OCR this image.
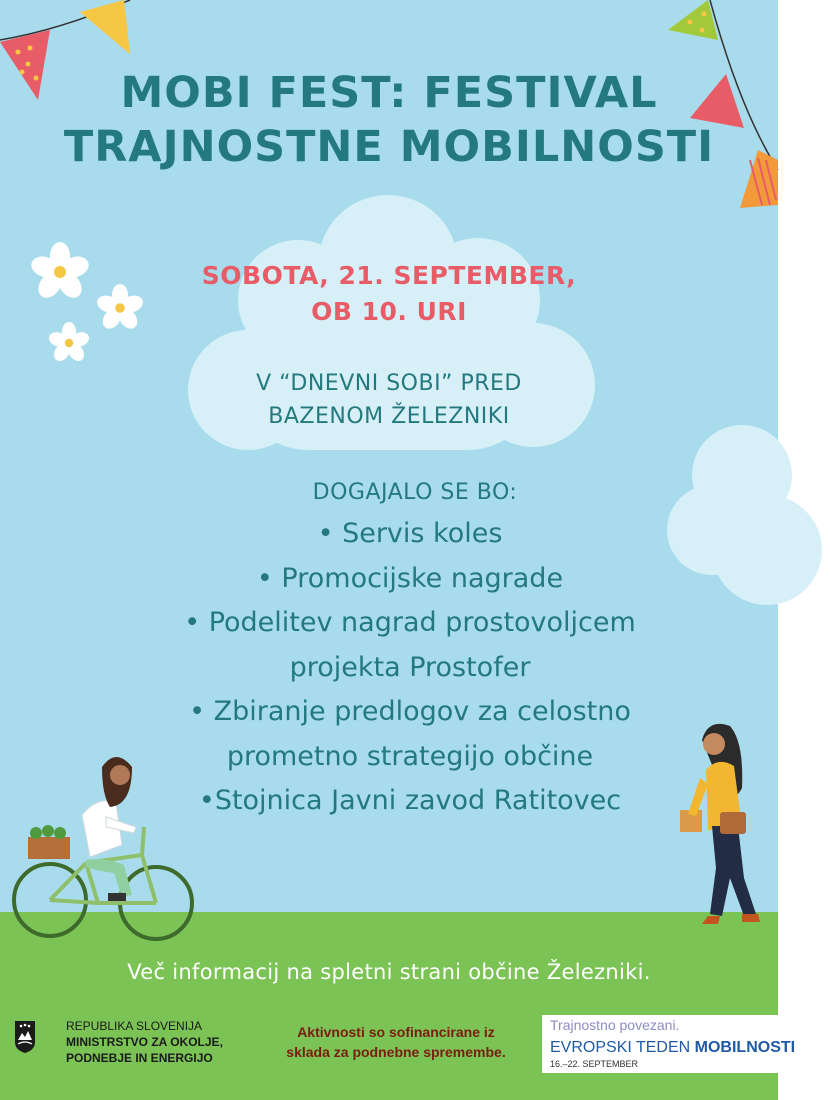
MOBI FEST: FESTIVAL
TRAJNOSTNE MOBILNOSTI
SOBOTA, 21. SEPTEMBER,
OB 10. URI
V “DNEVNI SOBI” PRED
BAZENOM ŽELEZNIKI
DOGAJALO SE BO:
• Servis koles
• Promocijske nagrade
• Podelitev nagrad prostovoljcem
projekta Prostofer
• Zbiranje predlogov za celostno
prometno strategijo občine
•Stojnica Javni zavod Ratitovec
Več informacij na spletni strani občine Železniki.
REPUBLIKA SLOVENIJA
MINISTRSTVO ZA OKOLJE,
PODNEBJE IN ENERGIJO
Aktivnosti so sofinancirane iz
sklada za podnebne spremembe.
Trajnostno povezani.
EVROPSKI TEDEN MOBILNOSTI
16.–22. SEPTEMBER
